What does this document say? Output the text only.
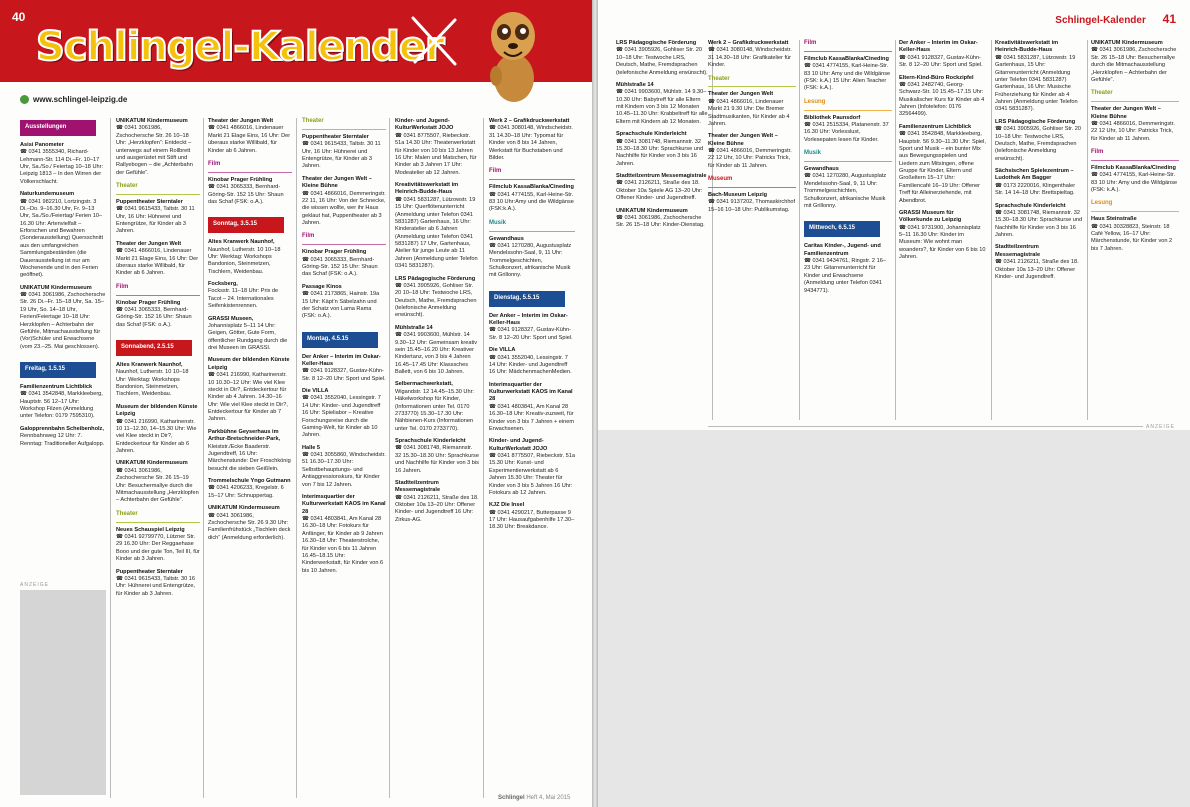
40
Schlingel-Kalender
www.schlingel-leipzig.de
Ausstellungen
Asisi Panometer
☎ 0341 3555340, Richard-Lehmann-Str. 114 Di.–Fr. 10–17 Uhr, Sa./So./ Feiertag 10–18 Uhr: Leipzig 1813 – In den Wirren der Völkerschlacht.
Naturkundemuseum
☎ 0341 982210, Lortzingstr. 3 Di.–Do. 9–16.30 Uhr, Fr. 9–13 Uhr, Sa./So./Feiertag/ Ferien 10–16.30 Uhr: Artenvielfalt – Erforschen und Bewahren (Sonderausstellung) Quersschnitt aus den umfangreichen Sammlungsbeständen (die Dauerausstellung ist nur am Wochenende und in den Ferien geöffnet).
UNIKATUM Kindermuseum
☎ 0341 3061986, Zschochersche Str. 26 Di.–Fr. 15–18 Uhr, Sa. 15–19 Uhr, So. 14–18 Uhr, Ferien/Feiertage 10–18 Uhr: Herzklopfen – Achterbahn der Gefühle, Mitmachausstellung für (Vor)Schüler und Erwachsene (vom 23.–25. Mai geschlossen).
Freitag, 1.5.15
Familienzentrum Lichtblick
☎ 0341 3542848, Markkleeberg, Hauptstr. 56 12–17 Uhr: Workshop Filzen (Anmeldung unter Telefon: 0179 7595310).
Galopprennbahn Scheibenholz,
Rennbahnweg 12 Uhr: 7. Renntag: Traditioneller Aufgalopp.
ANZEIGE
UNIKATUM Kindermuseum
☎ 0341 3061986, Zschochersche Str. 26 10–18 Uhr: „Herzklopfen“: Entdeckt – unterwegs auf einem Rollbrett und ausgerüstet mit Stift und Rallyebogen – die „Achterbahn der Gefühle“.
Theater
Puppentheater Sterntaler
☎ 0341 9615433, Taltstr. 30 11 Uhr, 16 Uhr: Hühnerei und Entengrütze, für Kinder ab 3 Jahren.
Theater der Jungen Welt
☎ 0341 4866016, Lindenauer Markt 21 Elage Eins, 16 Uhr: Der überaus starke Willibald, für Kinder ab 6 Jahren.
Film
Kinobar Prager Frühling
☎ 0341 3065333, Bernhard-Göring-Str. 152 16 Uhr: Shaun das Schaf (FSK: o.A.).
Sonnabend, 2.5.15
Altes Kranwerk Naunhof,
Naunhof, Lutherstr. 10 10–18 Uhr: Werktag: Workshops Bandonion, Steinmetzen, Tischlern, Weidenbau.
Museum der bildenden Künste Leipzig
☎ 0341 216990, Katharinenstr. 10 11–12.30, 14–15.30 Uhr: Wie viel Klee steckt in Dir?, Entdeckertour für Kinder ab 6 Jahren.
UNIKATUM Kindermuseum
☎ 0341 3061986, Zschochersche Str. 26 15–19 Uhr: Besuchermallye durch die Mitmachausstellung „Herzklopfen – Achterbahn der Gefühle“.
Theater
Neues Schauspiel Leipzig
☎ 0341 92799770, Lützner Str. 29 16.30 Uhr: Der Reggaehase Booo und der gute Ton, Teil III, für Kinder ab 3 Jahren.
Puppentheater Sterntaler
☎ 0341 9615433, Taltstr. 30 16 Uhr: Hühnerei und Entengrütze, für Kinder ab 3 Jahren.
Theater der Jungen Welt
☎ 0341 4866016, Lindenauer Markt 21 Elage Eins, 16 Uhr: Der überaus starke Willibald, für Kinder ab 6 Jahren.
Film
Kinobar Prager Frühling
☎ 0341 3065333, Bernhard-Göring-Str. 152 15 Uhr: Shaun das Schaf (FSK: o.A.).
Sonntag, 3.5.15
Altes Kranwerk Naunhof,
Naunhof, Lutherstr. 10 10–18 Uhr: Werktag: Workshops Bandonion, Steinmetzen, Tischlern, Weidenbau.
Focksberg,
Focksstr. 11–18 Uhr: Prix de Tacot – 24. Internationales Seifenkistenrennen.
GRASSI Museen,
Johannisplatz 5–11 14 Uhr: Geigen, Götter, Gute Form, öffentlicher Rundgang durch die drei Museen im GRASSI.
Museum der bildenden Künste Leipzig
☎ 0341 216990, Katharinenstr. 10 10.30–12 Uhr: Wie viel Klee steckt in Dir?, Entdeckertour für Kinder ab 4 Jahren. 14.30–16 Uhr: Wie viel Klee steckt in Dir?, Entdeckertour für Kinder ab 7 Jahren.
Parkbühne Geyserhaus im Arthur-Bretschneider-Park,
Kleiststr./Ecke Baaderstr. Jugendtreff, 16 Uhr: Märchenstunde: Der Froschkönig besucht die sieben Geißlein.
Trommelschule Yngo Gutmann
☎ 0341 4206233, Kregelstr. 6 15–17 Uhr: Schnuppertag.
UNIKATUM Kindermuseum
☎ 0341 3061986, Zschochersche Str. 26 9.30 Uhr: Familienfrühstück „Tischlein deck dich“ (Anmeldung erforderlich).
Theater
Puppentheater Sterntaler
☎ 0341 9615433, Taltstr. 30 11 Uhr, 16 Uhr: Hühnerei und Entengrütze, für Kinder ab 3 Jahren.
Theater der Jungen Welt – Kleine Bühne
☎ 0341 4866016, Demmeringstr. 22 11, 16 Uhr: Von der Schnecke, die wissen wollte, wer ihr Haus geklaut hat, Puppentheater ab 3 Jahren.
Film
Kinobar Prager Frühling
☎ 0341 3065333, Bernhard-Göring-Str. 152 15 Uhr: Shaun das Schaf (FSK: o.A.).
Passage Kinos
☎ 0341 2173865, Hainstr. 19a 15 Uhr: Käpt’n Säbelzahn und der Schatz von Lama Rama (FSK: o.A.).
Montag, 4.5.15
Der Anker – Interim im Oskar-Keller-Haus
☎ 0341 9128327, Gustav-Kühn-Str. 8 12–20 Uhr: Sport und Spiel.
Die VILLA
☎ 0341 3552040, Lessingstr. 7 14 Uhr: Kinder- und Jugendtreff 16 Uhr: Spieliabor – Kreative Forschungsreise durch die Gaming-Welt, für Kinder ab 10 Jahren.
Halle 5
☎ 0341 3055860, Windscheidstr. 51 16.30–17.30 Uhr: Selbstbehauptungs- und Antiaggressionskurs, für Kinder von 7 bis 12 Jahren.
Interimsquartier der Kulturwerkstatt KAOS im Kanal 28
☎ 0341 4803841, Am Kanal 28 16.30–18 Uhr: Fotokurs für Anfänger, für Kinder ab 9 Jahren 16.30–18 Uhr: Theaterstrolche, für Kinder von 6 bis 11 Jahren 16.45–18.15 Uhr: Kinderwerkstatt, für Kinder von 6 bis 10 Jahren.
Kinder- und Jugend-KulturWerkstatt JOJO
☎ 0341 8775507, Riebeckstr. 51a 14.30 Uhr: Theaterwerkstatt für Kinder von 10 bis 13 Jahren 16 Uhr: Malen und Matschen, für Kinder ab 3 Jahren 17 Uhr: Modeatelier ab 12 Jahren.
Kreativitätswerkstatt im Heinrich-Budde-Haus
☎ 0341 5831287, Lützowstr. 19 15 Uhr: Querflötenunterricht (Anmeldung unter Telefon 0341 5831287) Gartenhaus, 16 Uhr: Kinderatelier ab 6 Jahren (Anmeldung unter Telefon 0341 5831287) 17 Uhr, Gartenhaus, Atelier für junge Leute ab 11 Jahren (Anmeldung unter Telefon 0341 5831287).
LRS Pädagogische Förderung
☎ 0341 3905926, Gohliser Str. 20 10–18 Uhr: Testwoche LRS, Deutsch, Mathe, Fremdsprachen (telefonische Anmeldung erwünscht).
Mühlstraße 14
☎ 0341 9903600, Mühlstr. 14 9.30–12 Uhr: Gemeinsam kreativ sein 15.45–16.20 Uhr: Kreativer Kindertanz, von 3 bis 4 Jahren 16.45–17.45 Uhr: Klasssches Ballett, von 6 bis 10 Jahren.
Selbermachwerkstatt,
Wigandstr. 12 14.45–15.30 Uhr: Häkelworkshop für Kinder, (Informationen unter Tel. 0170 2733770) 15.30–17.30 Uhr: Nähbienen-Kurs (Informationen unter Tel. 0170 2733770).
Sprachschule Kinderleicht
☎ 0341 3081748, Riemannstr. 32 15.30–18.30 Uhr: Sprachkurse und Nachhilfe für Kinder von 3 bis 16 Jahren.
Stadtteilzentrum Messemagistrale
☎ 0341 2126211, Straße des 18. Oktober 10a 13–20 Uhr: Offener Kinder- und Jugendtreff 16 Uhr: Zirkus-AG.
Werk 2 – Grafikdruckwerkstatt
☎ 0341 3080148, Windscheidstr. 31 14.30–18 Uhr: Typomat für Kinder von 8 bis 14 Jahren, Werkstatt für Buchstaben und Bilder.
Film
Filmclub KassaBlanka/Cineding
☎ 0341 4774155, Karl-Heine-Str. 83 10 Uhr:Amy und die Wildgänse (FSK:k.A.).
Musik
Gewandhaus
☎ 0341 1270280, Augustusplatz Mendelssohn-Saal, 9, 11 Uhr: Trommelgeschichten, Schulkonzert, afrikanische Musik mit Grillonny.
Dienstag, 5.5.15
Der Anker – Interim im Oskar-Keller-Haus
☎ 0341 9128327, Gustav-Kühn-Str. 8 12–20 Uhr: Sport und Spiel.
Die VILLA
☎ 0341 3552040, Lessingstr. 7 14 Uhr: Kinder- und Jugendtreff 16 Uhr: MädchenmachenMedien.
Interimsquartier der Kulturwerkstatt KAOS im Kanal 28
☎ 0341 4803841, Am Kanal 28 16.30–18 Uhr: Kreativ-zuzweit, für Kinder von 3 bis 7 Jahren + einem Erwachsenen.
Kinder- und Jugend-KulturWerkstatt JOJO
☎ 0341 8775507, Riebeckstr. 51a 15.30 Uhr: Kunst- und Experimentierwerkstatt ab 6 Jahren 15.30 Uhr: Theater für Kinder von 3 bis 5 Jahren 16 Uhr: Fotokurs ab 12 Jahren.
KJZ Die Insel
☎ 0341 4290217, Butterpasse 9 17 Uhr: Hausaufgabenhilfe 17.30–18.30 Uhr: Breakdance.
Schlingel Heft 4, Mai 2015
Schlingel-Kalender 41
LRS Pädagogische Förderung
☎ 0341 3905926, Gohliser Str. 20 10–18 Uhr: Testwoche LRS, Deutsch, Mathe, Fremdsprachen (telefonische Anmeldung erwünscht).
Mühlstraße 14
☎ 0341 9903600, Mühlstr. 14 9.30–10.30 Uhr: Babytreff für alle Eltern mit Kindern von 3 bis 12 Monaten 10.45–11.30 Uhr: Krabbeltreff für alle Eltern mit Kindern ab 12 Monaten.
Sprachschule Kinderleicht
☎ 0341 3081748, Riemannstr. 32 15.30–18.30 Uhr: Sprachkurse und Nachhilfe für Kinder von 3 bis 16 Jahren.
Stadtteilzentrum Messemagistrale
☎ 0341 2126211, Straße des 18. Oktober 10a Spiele AG 13–20 Uhr: Offener Kinder- und Jugendtreff.
UNIKATUM Kindermuseum
☎ 0341 3061986, Zschochersche Str. 26 15–18 Uhr: Kinder-Dienstag.
Werk 2 – Grafikdruckwerkstatt
☎ 0341 3080148, Windscheidstr. 31 14.30–18 Uhr: Grafikatelier für Kinder.
Theater
Theater der Jungen Welt
☎ 0341 4866016, Lindenauer Markt 21 9.30 Uhr: Die Bremer Stadtmusikanten, für Kinder ab 4 Jahren.
Theater der Jungen Welt – Kleine Bühne
☎ 0341 4866016, Demmeringstr. 22 12 Uhr, 10 Uhr: Patricks Trick, für Kinder ab 11 Jahren.
Museum
Bach-Museum Leipzig
☎ 0341 9137202, Thomaskirchhof 15–16 10–18 Uhr: Publikumstag.
Film
Filmclub KassaBlanka/Cineding
☎ 0341 4774155, Karl-Heine-Str. 83 10 Uhr: Amy und die Wildgänse (FSK: k.A.) 15 Uhr: Alien Teacher (FSK: k.A.).
Lesung
Bibliothek Paunsdorf
☎ 0341 2515334, Platanenstr. 37 16.30 Uhr: Vorlesslust, Vorlesepaten lesen für Kinder.
Musik
Gewandhaus
☎ 0341 1270280, Augustusplatz Mendelssohn-Saal, 9, 11 Uhr: Trommelgeschichten, Schulkonzert, afrikanische Musik mit Grillonny.
Mittwoch, 6.5.15
Caritas Kinder-, Jugend- und Familienzentrum
☎ 0341 9434761, Ringstr. 2 16–23 Uhr: Gitarrenunterricht für Kinder und Erwachsene (Anmeldung unter Telefon 0341 9434771).
Der Anker – Interim im Oskar-Keller-Haus
☎ 0341 9128327, Gustav-Kühn-Str. 8 12–20 Uhr: Sport und Spiel.
Eltern-Kind-Büro Rockzipfel
☎ 0341 2482740, Georg-Schwarz-Str. 10 15.45–17.15 Uhr: Musikalischer Kurs für Kinder ab 4 Jahren (Infotelefon: 0176 32564499).
Familienzentrum Lichtblick
☎ 0341 3542848, Markkleeberg, Hauptstr. 56 9.30–11.30 Uhr: Spiel, Sport und Musik – ein bunter Mix aus Bewegungsspielen und Liedern zum Mitsingen, offene Gruppe für Kinder, Eltern und Großeltern 15–17 Uhr: Familiencafé 16–19 Uhr: Offener Treff für Alleinerziehende, mit Abendbrot.
GRASSI Museum für Völkerkunde zu Leipzig
☎ 0341 9731900, Johannisplatz 5–11 16.30 Uhr: Kinder im Museum: Wie wohnt man woanders?, für Kinder von 6 bis 10 Jahren.
Kreativitätswerkstatt im Heinrich-Budde-Haus
☎ 0341 5831287, Lützowstr. 19 Gartenhaus, 15 Uhr: Gitarrenunterricht (Anmeldung unter Telefon 0341 5831287) Gartenhaus, 16 Uhr: Musische Früherziehung für Kinder ab 4 Jahren (Anmeldung unter Telefon 0341 5831287).
LRS Pädagogische Förderung
☎ 0341 3905926, Gohliser Str. 20 10–18 Uhr: Testwoche LRS, Deutsch, Mathe, Fremdsprachen (telefonische Anmeldung erwünscht).
Sächsischen Spielezentrum – Ludothek Am Bagger
☎ 0173 2220016, Klingenthaler Str. 14 14–18 Uhr: Brettspieltag.
Sprachschule Kinderleicht
☎ 0341 3081748, Riemannstr. 32 15.30–18.30 Uhr: Sprachkurse und Nachhilfe für Kinder von 3 bis 16 Jahren.
Stadtteilzentrum Messemagistrale
☎ 0341 2126211, Straße des 18. Oktober 10a 13–20 Uhr: Offener Kinder- und Jugendtreff.
UNIKATUM Kindermuseum
☎ 0341 3061986, Zschochersche Str. 26 15–18 Uhr: Besucherrallye durch die Mitmachausstellung „Herzklopfen – Achterbahn der Gefühle“.
Theater
Theater der Jungen Welt – Kleine Bühne
☎ 0341 4866016, Demmeringstr. 22 12 Uhr, 10 Uhr: Patricks Trick, für Kinder ab 11 Jahren.
Film
Filmclub KassaBlanka/Cineding
☎ 0341 4774155, Karl-Heine-Str. 83 10 Uhr: Amy und die Wildgänse (FSK: k.A.).
Lesung
Haus Steinstraße
☎ 0341 30328823, Steinstr. 18 Café Yellow, 16–17 Uhr: Märchenstunde, für Kinder von 2 bis 7 Jahren.
ANZEIGE
